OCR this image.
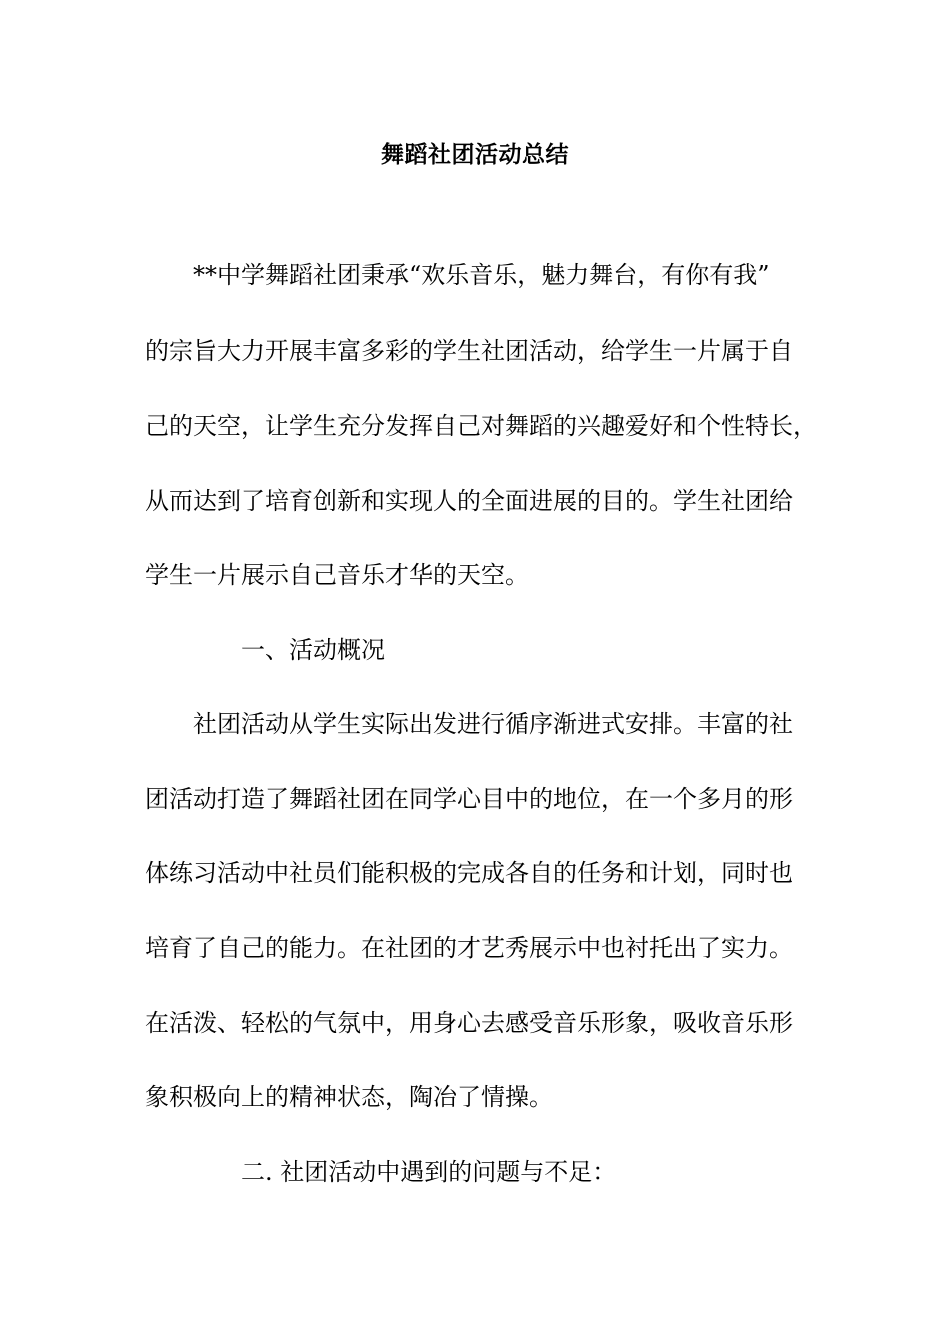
舞蹈社团活动总结
**中学舞蹈社团秉承“欢乐音乐，魅力舞台，有你有我”
的宗旨大力开展丰富多彩的学生社团活动，给学生一片属于自
己的天空，让学生充分发挥自己对舞蹈的兴趣爱好和个性特长，
从而达到了培育创新和实现人的全面进展的目的。学生社团给
学生一片展示自己音乐才华的天空。
一、活动概况
社团活动从学生实际出发进行循序渐进式安排。丰富的社
团活动打造了舞蹈社团在同学心目中的地位，在一个多月的形
体练习活动中社员们能积极的完成各自的任务和计划，同时也
培育了自己的能力。在社团的才艺秀展示中也衬托出了实力。
在活泼、轻松的气氛中，用身心去感受音乐形象，吸收音乐形
象积极向上的精神状态，陶冶了情操。
二. 社团活动中遇到的问题与不足：
